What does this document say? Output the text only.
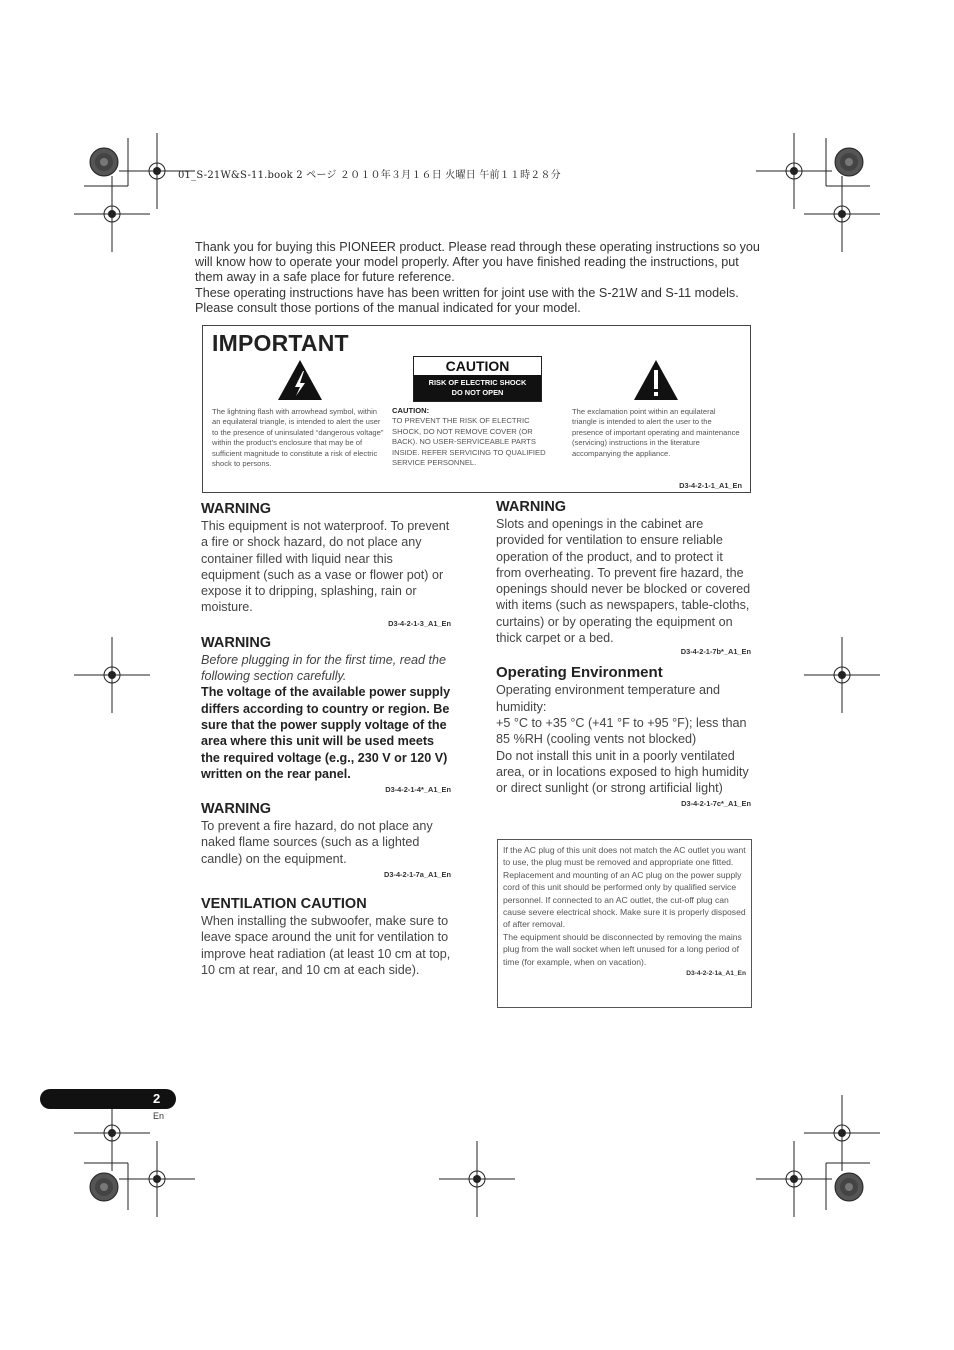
01_S-21W&S-11.book 2 ページ ２０１０年３月１６日 火曜日 午前１１時２８分

Thank you for buying this PIONEER product. Please read through these operating instructions so you will know how to operate your model properly. After you have finished reading the instructions, put them away in a safe place for future reference.

These operating instructions have has been written for joint use with the S-21W and S-11 models. Please consult those portions of the manual indicated for your model.

IMPORTANT
CAUTION
RISK OF ELECTRIC SHOCK
DO NOT OPEN
The lightning flash with arrowhead symbol, within an equilateral triangle, is intended to alert the user to the presence of uninsulated “dangerous voltage” within the product’s enclosure that may be of sufficient magnitude to constitute a risk of electric shock to persons.
CAUTION:
TO PREVENT THE RISK OF ELECTRIC SHOCK, DO NOT REMOVE COVER (OR BACK). NO USER-SERVICEABLE PARTS INSIDE. REFER SERVICING TO QUALIFIED SERVICE PERSONNEL.
The exclamation point within an equilateral triangle is intended to alert the user to the presence of important operating and maintenance (servicing) instructions in the literature accompanying the appliance.
D3-4-2-1-1_A1_En
WARNING

This equipment is not waterproof. To prevent a fire or shock hazard, do not place any container filled with liquid near this equipment (such as a vase or flower pot) or expose it to dripping, splashing, rain or moisture.

D3-4-2-1-3_A1_En
WARNING

Before plugging in for the first time, read the following section carefully.

The voltage of the available power supply differs according to country or region. Be sure that the power supply voltage of the area where this unit will be used meets the required voltage (e.g., 230 V or 120 V) written on the rear panel.

D3-4-2-1-4*_A1_En
WARNING

To prevent a fire hazard, do not place any naked flame sources (such as a lighted candle) on the equipment.

D3-4-2-1-7a_A1_En
VENTILATION CAUTION

When installing the subwoofer, make sure to leave space around the unit for ventilation to improve heat radiation (at least 10 cm at top, 10 cm at rear, and 10 cm at each side).

WARNING

Slots and openings in the cabinet are provided for ventilation to ensure reliable operation of the product, and to protect it from overheating. To prevent fire hazard, the openings should never be blocked or covered with items (such as newspapers, table-cloths, curtains) or by operating the equipment on thick carpet or a bed.

D3-4-2-1-7b*_A1_En
Operating Environment

Operating environment temperature and humidity:

+5 °C to +35 °C (+41 °F to +95 °F); less than 85 %RH (cooling vents not blocked)

Do not install this unit in a poorly ventilated area, or in locations exposed to high humidity or direct sunlight (or strong artificial light)

D3-4-2-1-7c*_A1_En
If the AC plug of this unit does not match the AC outlet you want to use, the plug must be removed and appropriate one fitted. Replacement and mounting of an AC plug on the power supply cord of this unit should be performed only by qualified service personnel. If connected to an AC outlet, the cut-off plug can cause severe electrical shock. Make sure it is properly disposed of after removal.
The equipment should be disconnected by removing the mains plug from the wall socket when left unused for a long period of time (for example, when on vacation).
D3-4-2-2-1a_A1_En
2
En
